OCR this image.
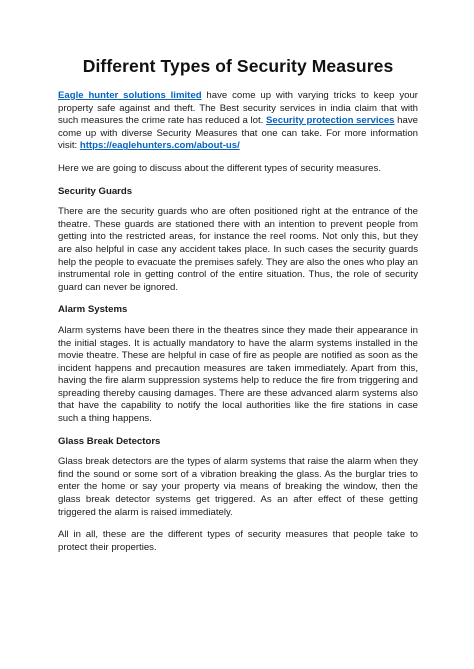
Different Types of Security Measures

Eagle hunter solutions limited have come up with varying tricks to keep your property safe against and theft. The Best security services in india claim that with such measures the crime rate has reduced a lot. Security protection services have come up with diverse Security Measures that one can take. For more information visit: https://eaglehunters.com/about-us/

Here we are going to discuss about the different types of security measures.

Security Guards

There are the security guards who are often positioned right at the entrance of the theatre. These guards are stationed there with an intention to prevent people from getting into the restricted areas, for instance the reel rooms. Not only this, but they are also helpful in case any accident takes place. In such cases the security guards help the people to evacuate the premises safely. They are also the ones who play an instrumental role in getting control of the entire situation. Thus, the role of security guard can never be ignored.

Alarm Systems

Alarm systems have been there in the theatres since they made their appearance in the initial stages. It is actually mandatory to have the alarm systems installed in the movie theatre. These are helpful in case of fire as people are notified as soon as the incident happens and precaution measures are taken immediately. Apart from this, having the fire alarm suppression systems help to reduce the fire from triggering and spreading thereby causing damages. There are these advanced alarm systems also that have the capability to notify the local authorities like the fire stations in case such a thing happens.

Glass Break Detectors

Glass break detectors are the types of alarm systems that raise the alarm when they find the sound or some sort of a vibration breaking the glass. As the burglar tries to enter the home or say your property via means of breaking the window, then the glass break detector systems get triggered. As an after effect of these getting triggered the alarm is raised immediately.

All in all, these are the different types of security measures that people take to protect their properties.
